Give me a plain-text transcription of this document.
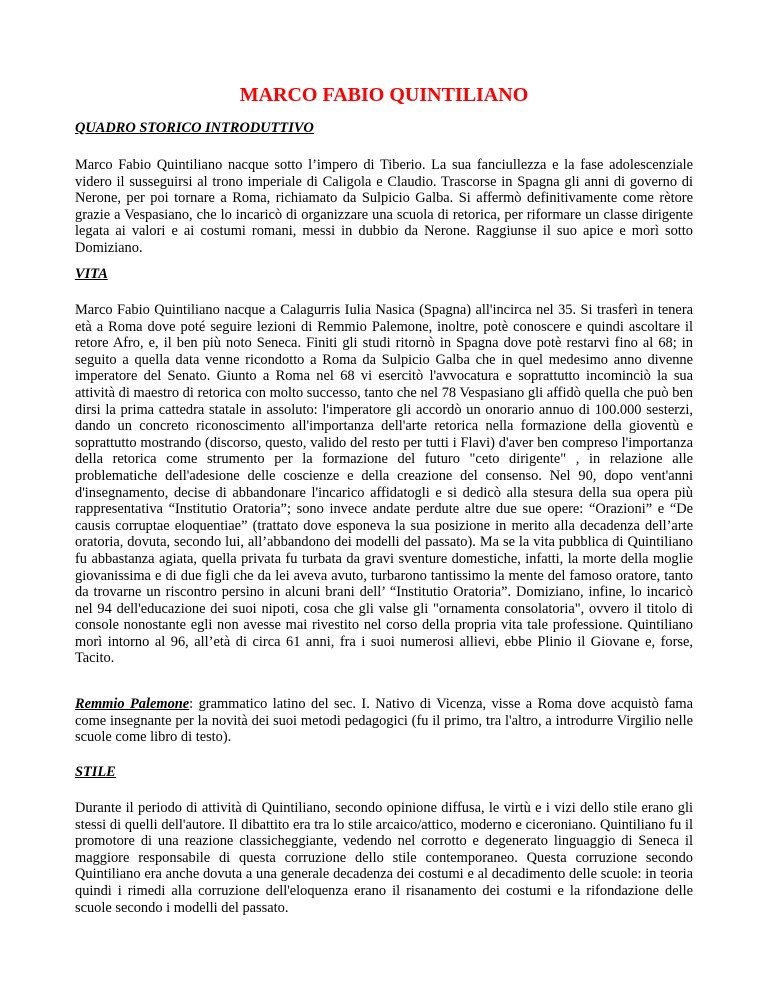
MARCO FABIO QUINTILIANO
QUADRO STORICO INTRODUTTIVO

Marco Fabio Quintiliano nacque sotto l’impero di Tiberio. La sua fanciullezza e la fase adolescenziale videro il susseguirsi al trono imperiale di Caligola e Claudio. Trascorse in Spagna gli anni di governo di Nerone, per poi tornare a Roma, richiamato da Sulpicio Galba. Si affermò definitivamente come rètore grazie a Vespasiano, che lo incaricò di organizzare una scuola di retorica, per riformare un classe dirigente legata ai valori e ai costumi romani, messi in dubbio da Nerone. Raggiunse il suo apice e morì sotto Domiziano.

VITA

Marco Fabio Quintiliano nacque a Calagurris Iulia Nasica (Spagna) all'incirca nel 35. Si trasferì in tenera età a Roma dove poté seguire lezioni di Remmio Palemone, inoltre, potè conoscere e quindi ascoltare il retore Afro, e, il ben più noto Seneca. Finiti gli studi ritornò in Spagna dove potè restarvi fino al 68; in seguito a quella data venne ricondotto a Roma da Sulpicio Galba che in quel medesimo anno divenne imperatore del Senato. Giunto a Roma nel 68 vi esercitò l'avvocatura e soprattutto incominciò la sua attività di maestro di retorica con molto successo, tanto che nel 78 Vespasiano gli affidò quella che può ben dirsi la prima cattedra statale in assoluto: l'imperatore gli accordò un onorario annuo di 100.000 sesterzi, dando un concreto riconoscimento all'importanza dell'arte retorica nella formazione della gioventù e soprattutto mostrando (discorso, questo, valido del resto per tutti i Flavi) d'aver ben compreso l'importanza della retorica come strumento per la formazione del futuro "ceto dirigente" , in relazione alle problematiche dell'adesione delle coscienze e della creazione del consenso. Nel 90, dopo vent'anni d'insegnamento, decise di abbandonare l'incarico affidatogli e si dedicò alla stesura della sua opera più rappresentativa “Institutio Oratoria”; sono invece andate perdute altre due sue opere: “Orazioni” e “De causis corruptae eloquentiae” (trattato dove esponeva la sua posizione in merito alla decadenza dell’arte oratoria, dovuta, secondo lui, all’abbandono dei modelli del passato). Ma se la vita pubblica di Quintiliano fu abbastanza agiata, quella privata fu turbata da gravi sventure domestiche, infatti, la morte della moglie giovanissima e di due figli che da lei aveva avuto, turbarono tantissimo la mente del famoso oratore, tanto da trovarne un riscontro persino in alcuni brani dell’ “Institutio Oratoria”. Domiziano, infine, lo incaricò nel 94 dell'educazione dei suoi nipoti, cosa che gli valse gli "ornamenta consolatoria", ovvero il titolo di console nonostante egli non avesse mai rivestito nel corso della propria vita tale professione. Quintiliano morì intorno al 96, all’età di circa 61 anni, fra i suoi numerosi allievi, ebbe Plinio il Giovane e, forse, Tacito.

Remmio Palemone: grammatico latino del sec. I. Nativo di Vicenza, visse a Roma dove acquistò fama come insegnante per la novità dei suoi metodi pedagogici (fu il primo, tra l'altro, a introdurre Virgilio nelle scuole come libro di testo).

STILE

Durante il periodo di attività di Quintiliano, secondo opinione diffusa, le virtù e i vizi dello stile erano gli stessi di quelli dell'autore. Il dibattito era tra lo stile arcaico/attico, moderno e ciceroniano. Quintiliano fu il promotore di una reazione classicheggiante, vedendo nel corrotto e degenerato linguaggio di Seneca il maggiore responsabile di questa corruzione dello stile contemporaneo. Questa corruzione secondo Quintiliano era anche dovuta a una generale decadenza dei costumi e al decadimento delle scuole: in teoria quindi i rimedi alla corruzione dell'eloquenza erano il risanamento dei costumi e la rifondazione delle scuole secondo i modelli del passato.
